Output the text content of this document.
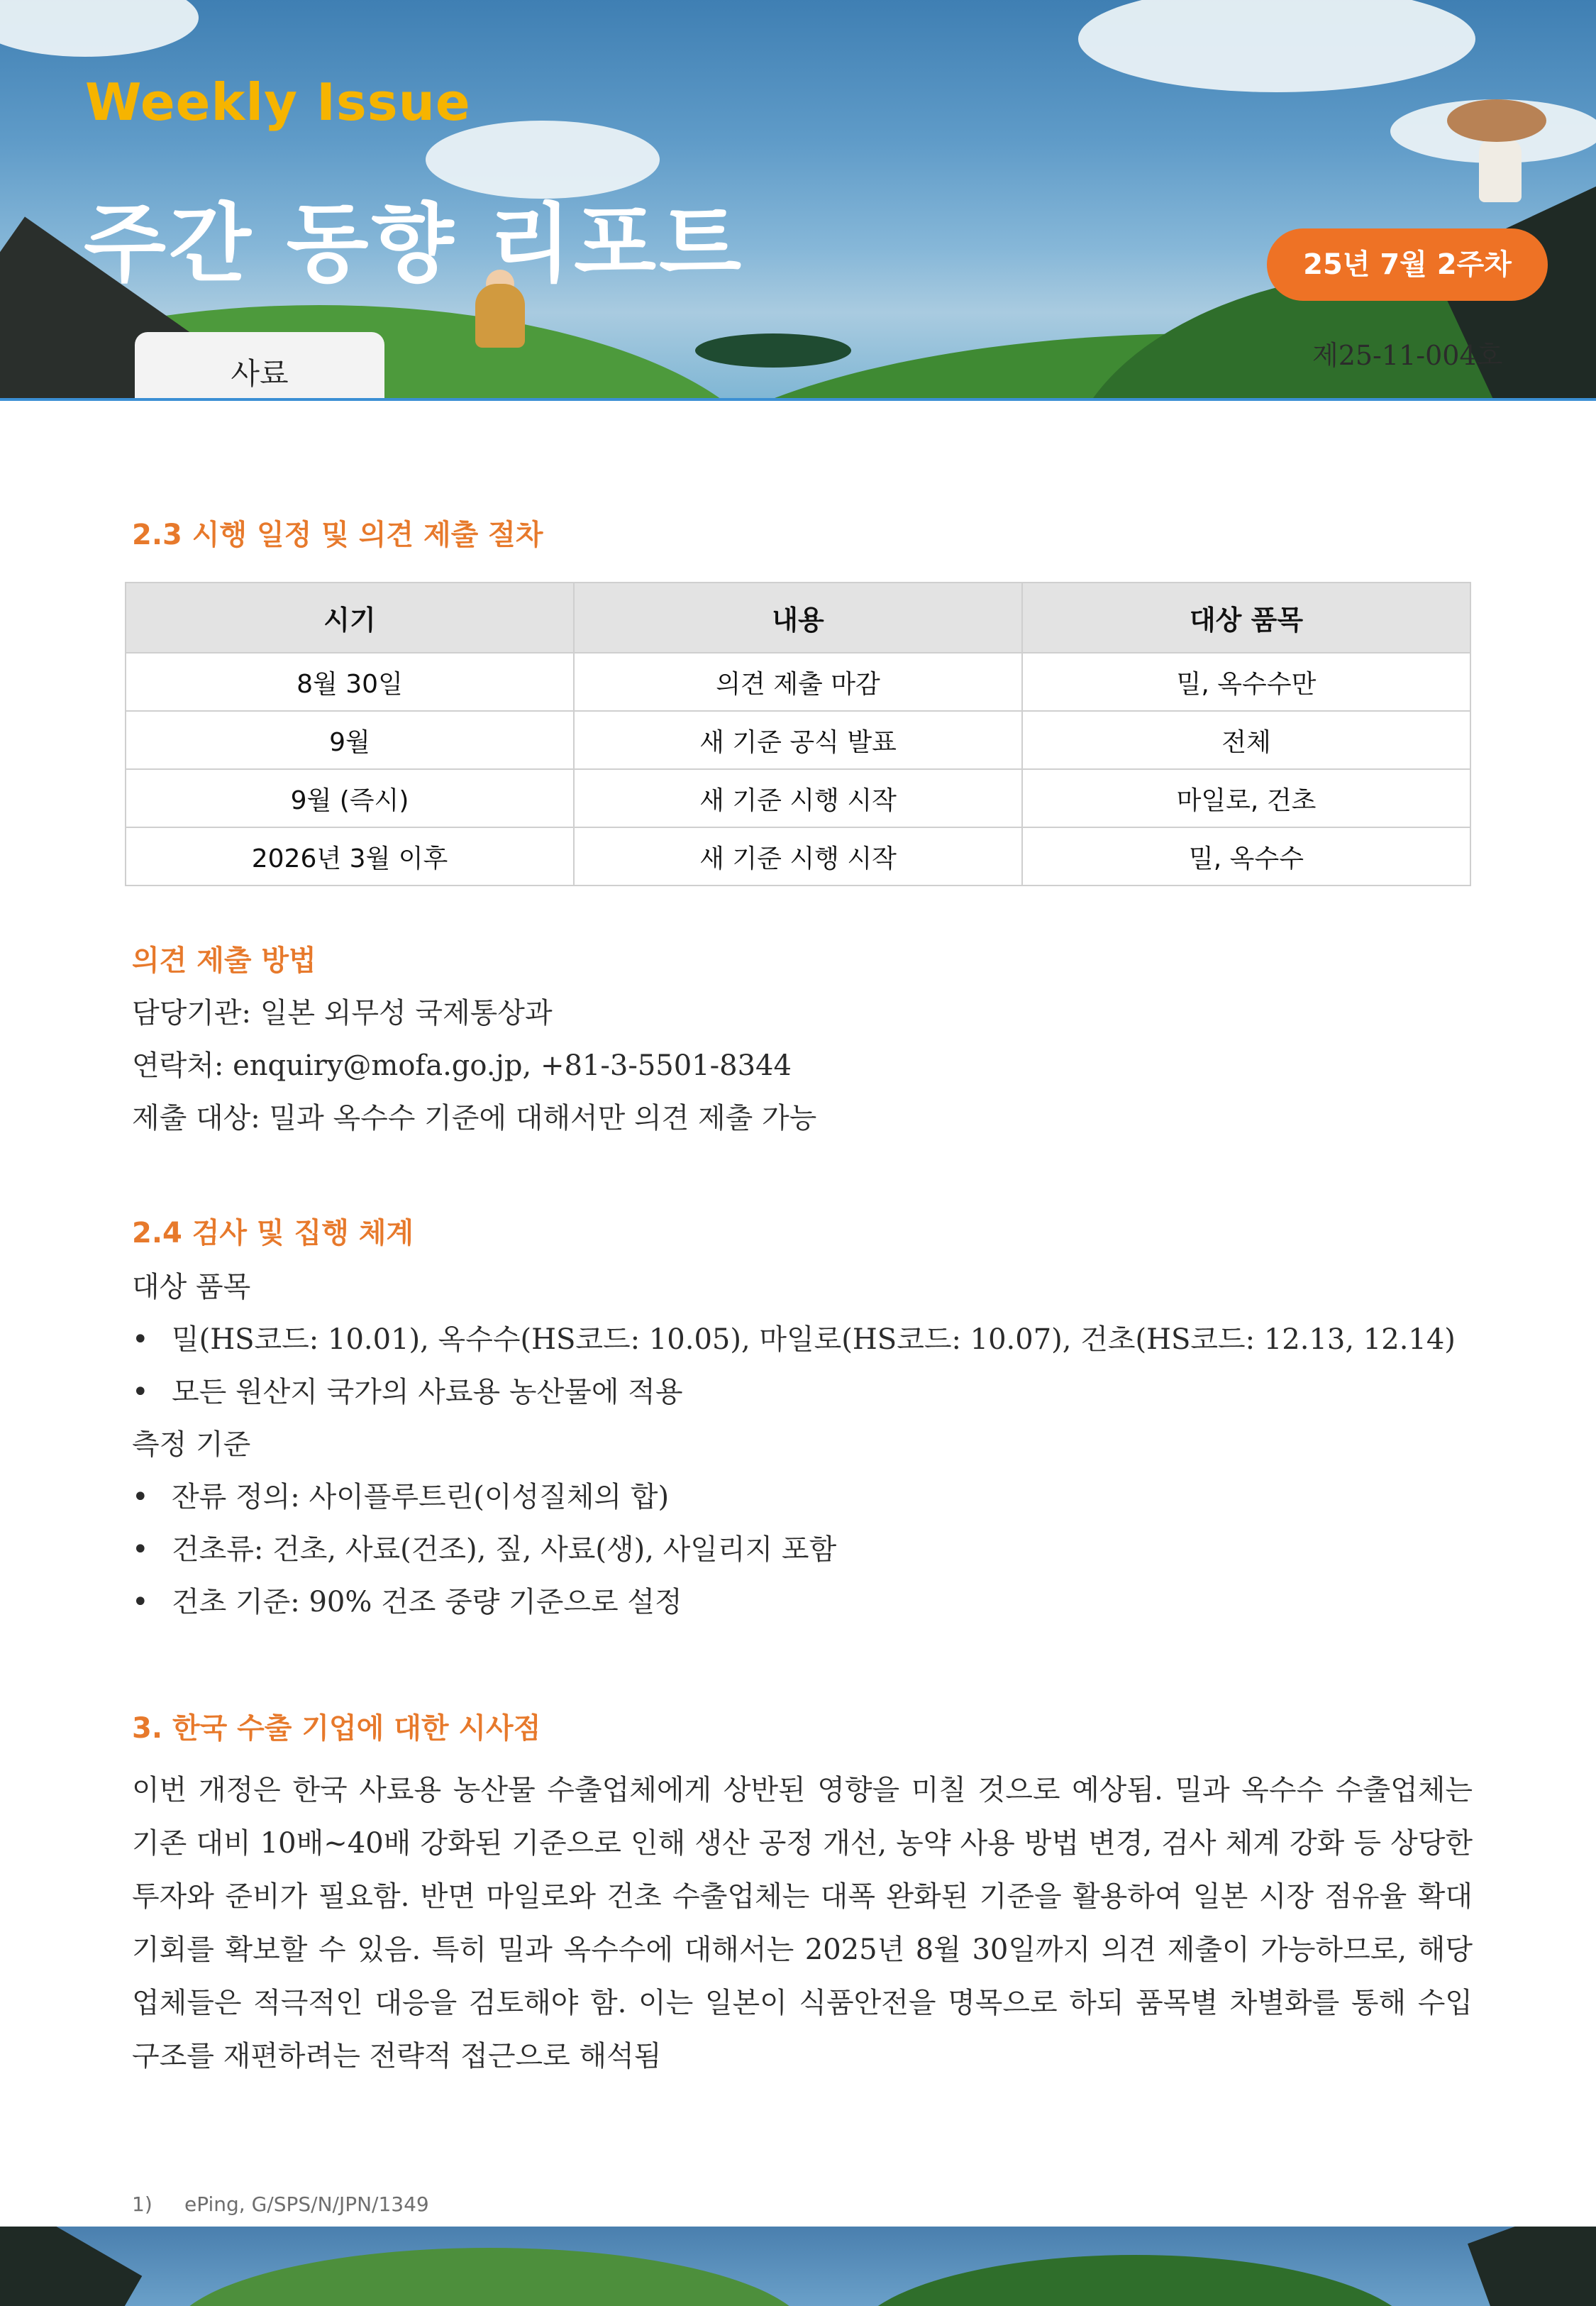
Weekly Issue
주간 동향 리포트	25년 7월 2주차
제25-11-004호
사료
2.3 시행 일정 및 의견 제출 절차
시기	내용	대상 품목
8월 30일	의견 제출 마감	밀, 옥수수만
9월	새 기준 공식 발표	전체
9월 (즉시)	새 기준 시행 시작	마일로, 건초
2026년 3월 이후	새 기준 시행 시작	밀, 옥수수
의견 제출 방법
담당기관: 일본 외무성 국제통상과
연락처: enquiry@mofa.go.jp, +81-3-5501-8344
제출 대상: 밀과 옥수수 기준에 대해서만 의견 제출 가능
2.4 검사 및 집행 체계
대상 품목
• 밀(HS코드: 10.01), 옥수수(HS코드: 10.05), 마일로(HS코드: 10.07), 건초(HS코드: 12.13, 12.14)
• 모든 원산지 국가의 사료용 농산물에 적용
측정 기준
• 잔류 정의: 사이플루트린(이성질체의 합)
• 건초류: 건초, 사료(건조), 짚, 사료(생), 사일리지 포함
• 건초 기준: 90% 건조 중량 기준으로 설정
3. 한국 수출 기업에 대한 시사점
이번 개정은 한국 사료용 농산물 수출업체에게 상반된 영향을 미칠 것으로 예상됨. 밀과 옥수수 수출업체는 기존 대비 10배~40배 강화된 기준으로 인해 생산 공정 개선, 농약 사용 방법 변경, 검사 체계 강화 등 상당한 투자와 준비가 필요함. 반면 마일로와 건초 수출업체는 대폭 완화된 기준을 활용하여 일본 시장 점유율 확대 기회를 확보할 수 있음. 특히 밀과 옥수수에 대해서는 2025년 8월 30일까지 의견 제출이 가능하므로, 해당 업체들은 적극적인 대응을 검토해야 함. 이는 일본이 식품안전을 명목으로 하되 품목별 차별화를 통해 수입 구조를 재편하려는 전략적 접근으로 해석됨
1) ePing, G/SPS/N/JPN/1349
